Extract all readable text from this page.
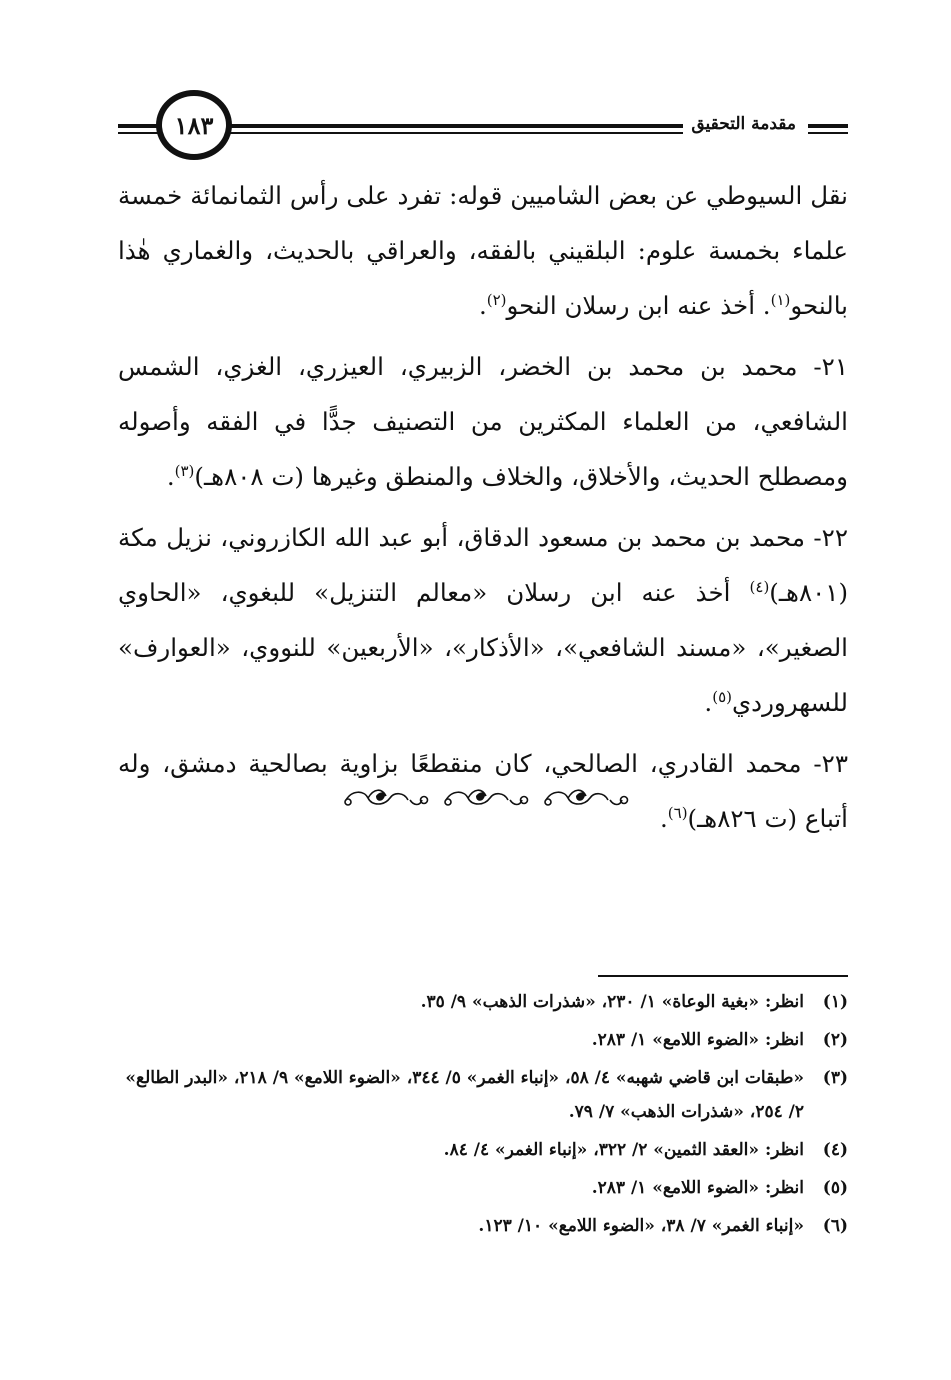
١٨٣	مقدمة التحقيق

نقل السيوطي عن بعض الشاميين قوله: تفرد على رأس الثمانمائة خمسة علماء بخمسة علوم: البلقيني بالفقه، والعراقي بالحديث، والغماري هٰذا بالنحو$^{(١)}$. أخذ عنه ابن رسلان النحو$^{(٢)}$.

٢١- محمد بن محمد بن الخضر، الزبيري، العيزري، الغزي، الشمس الشافعي، من العلماء المكثرين من التصنيف جدًّا في الفقه وأصوله ومصطلح الحديث، والأخلاق، والخلاف والمنطق وغيرها (ت ٨٠٨هـ)$^{(٣)}$.

٢٢- محمد بن محمد بن مسعود الدقاق، أبو عبد الله الكازروني، نزيل مكة (٨٠١هـ)$^{(٤)}$ أخذ عنه ابن رسلان «معالم التنزيل» للبغوي، «الحاوي الصغير»، «مسند الشافعي»، «الأذكار»، «الأربعين» للنووي، «العوارف» للسهروردي$^{(٥)}$.

٢٣- محمد القادري، الصالحي، كان منقطعًا بزاوية بصالحية دمشق، وله أتباع (ت ٨٢٦هـ)$^{(٦)}$.

(١)
انظر: «بغية الوعاة» ١/ ٢٣٠، «شذرات الذهب» ٩/ ٣٥.
(٢)
انظر: «الضوء اللامع» ١/ ٢٨٣.
(٣)
«طبقات ابن قاضي شهبه» ٤/ ٥٨، «إنباء الغمر» ٥/ ٣٤٤، «الضوء اللامع» ٩/ ٢١٨، «البدر الطالع» ٢/ ٢٥٤، «شذرات الذهب» ٧/ ٧٩.
(٤)
انظر: «العقد الثمين» ٢/ ٣٢٢، «إنباء الغمر» ٤/ ٨٤.
(٥)
انظر: «الضوء اللامع» ١/ ٢٨٣.
(٦)
«إنباء الغمر» ٧/ ٣٨، «الضوء اللامع» ١٠/ ١٢٣.
